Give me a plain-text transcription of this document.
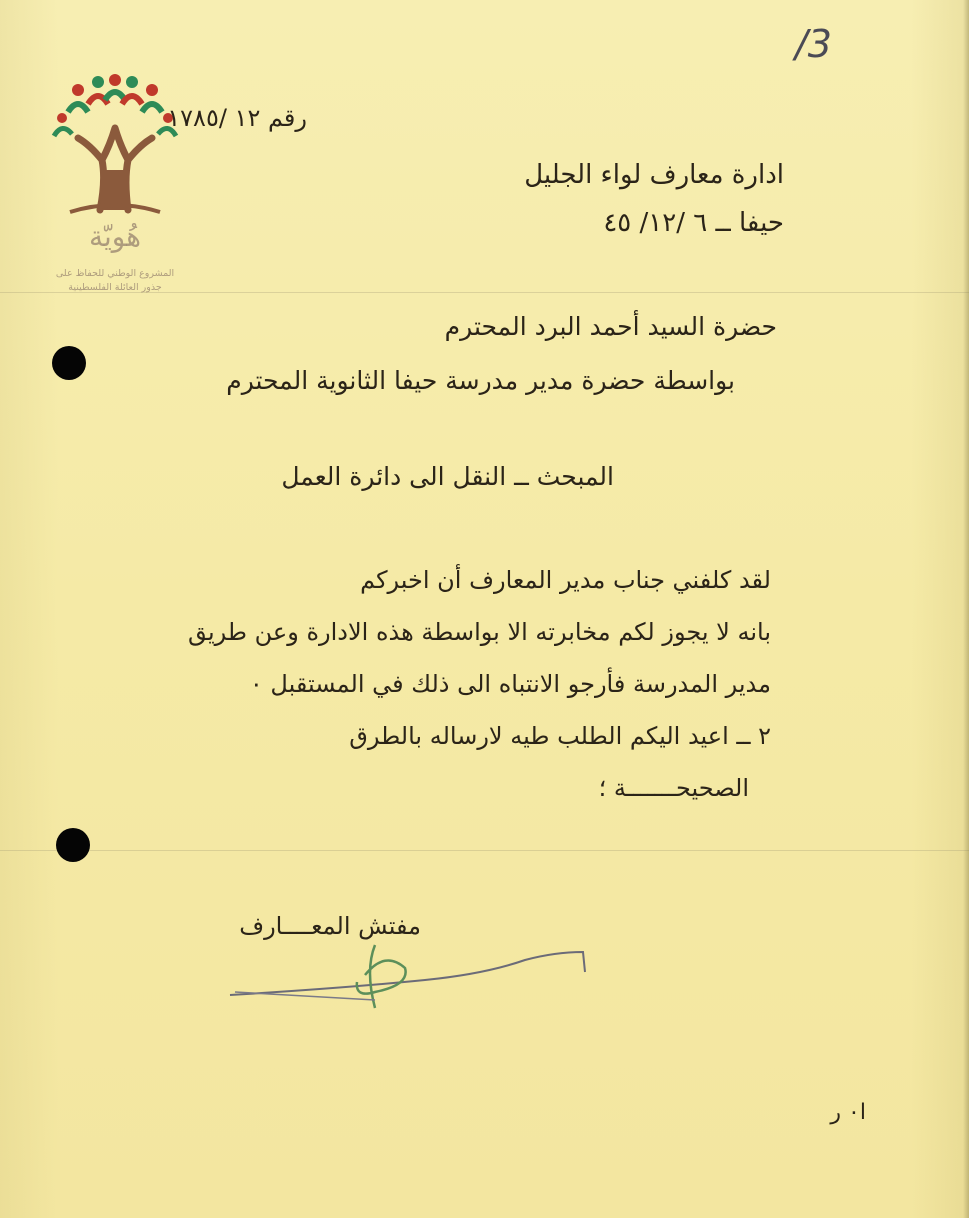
/3
هُويّة
المشروع الوطني للحفاظ على
جذور العائلة الفلسطينية
رقم ١٢ /١٧٨٥
ادارة معارف لواء الجليل
حيفا ــ ٦ /١٢/ ٤٥
حضرة السيد أحمد البرد المحترم
بواسطة حضرة مدير مدرسة حيفا الثانوية المحترم
المبحث ــ النقل الى دائرة العمل
لقد كلفني جناب مدير المعارف أن اخبركم
بانه لا يجوز لكم مخابرته الا بواسطة هذه الادارة وعن طريق
مدير المدرسة فأرجو الانتباه الى ذلك في المستقبل ٠
٢ ــ اعيد اليكم الطلب طيه لارساله بالطرق
الصحيحـــــــة ؛
مفتش المعــــارف
ا٠ ر
